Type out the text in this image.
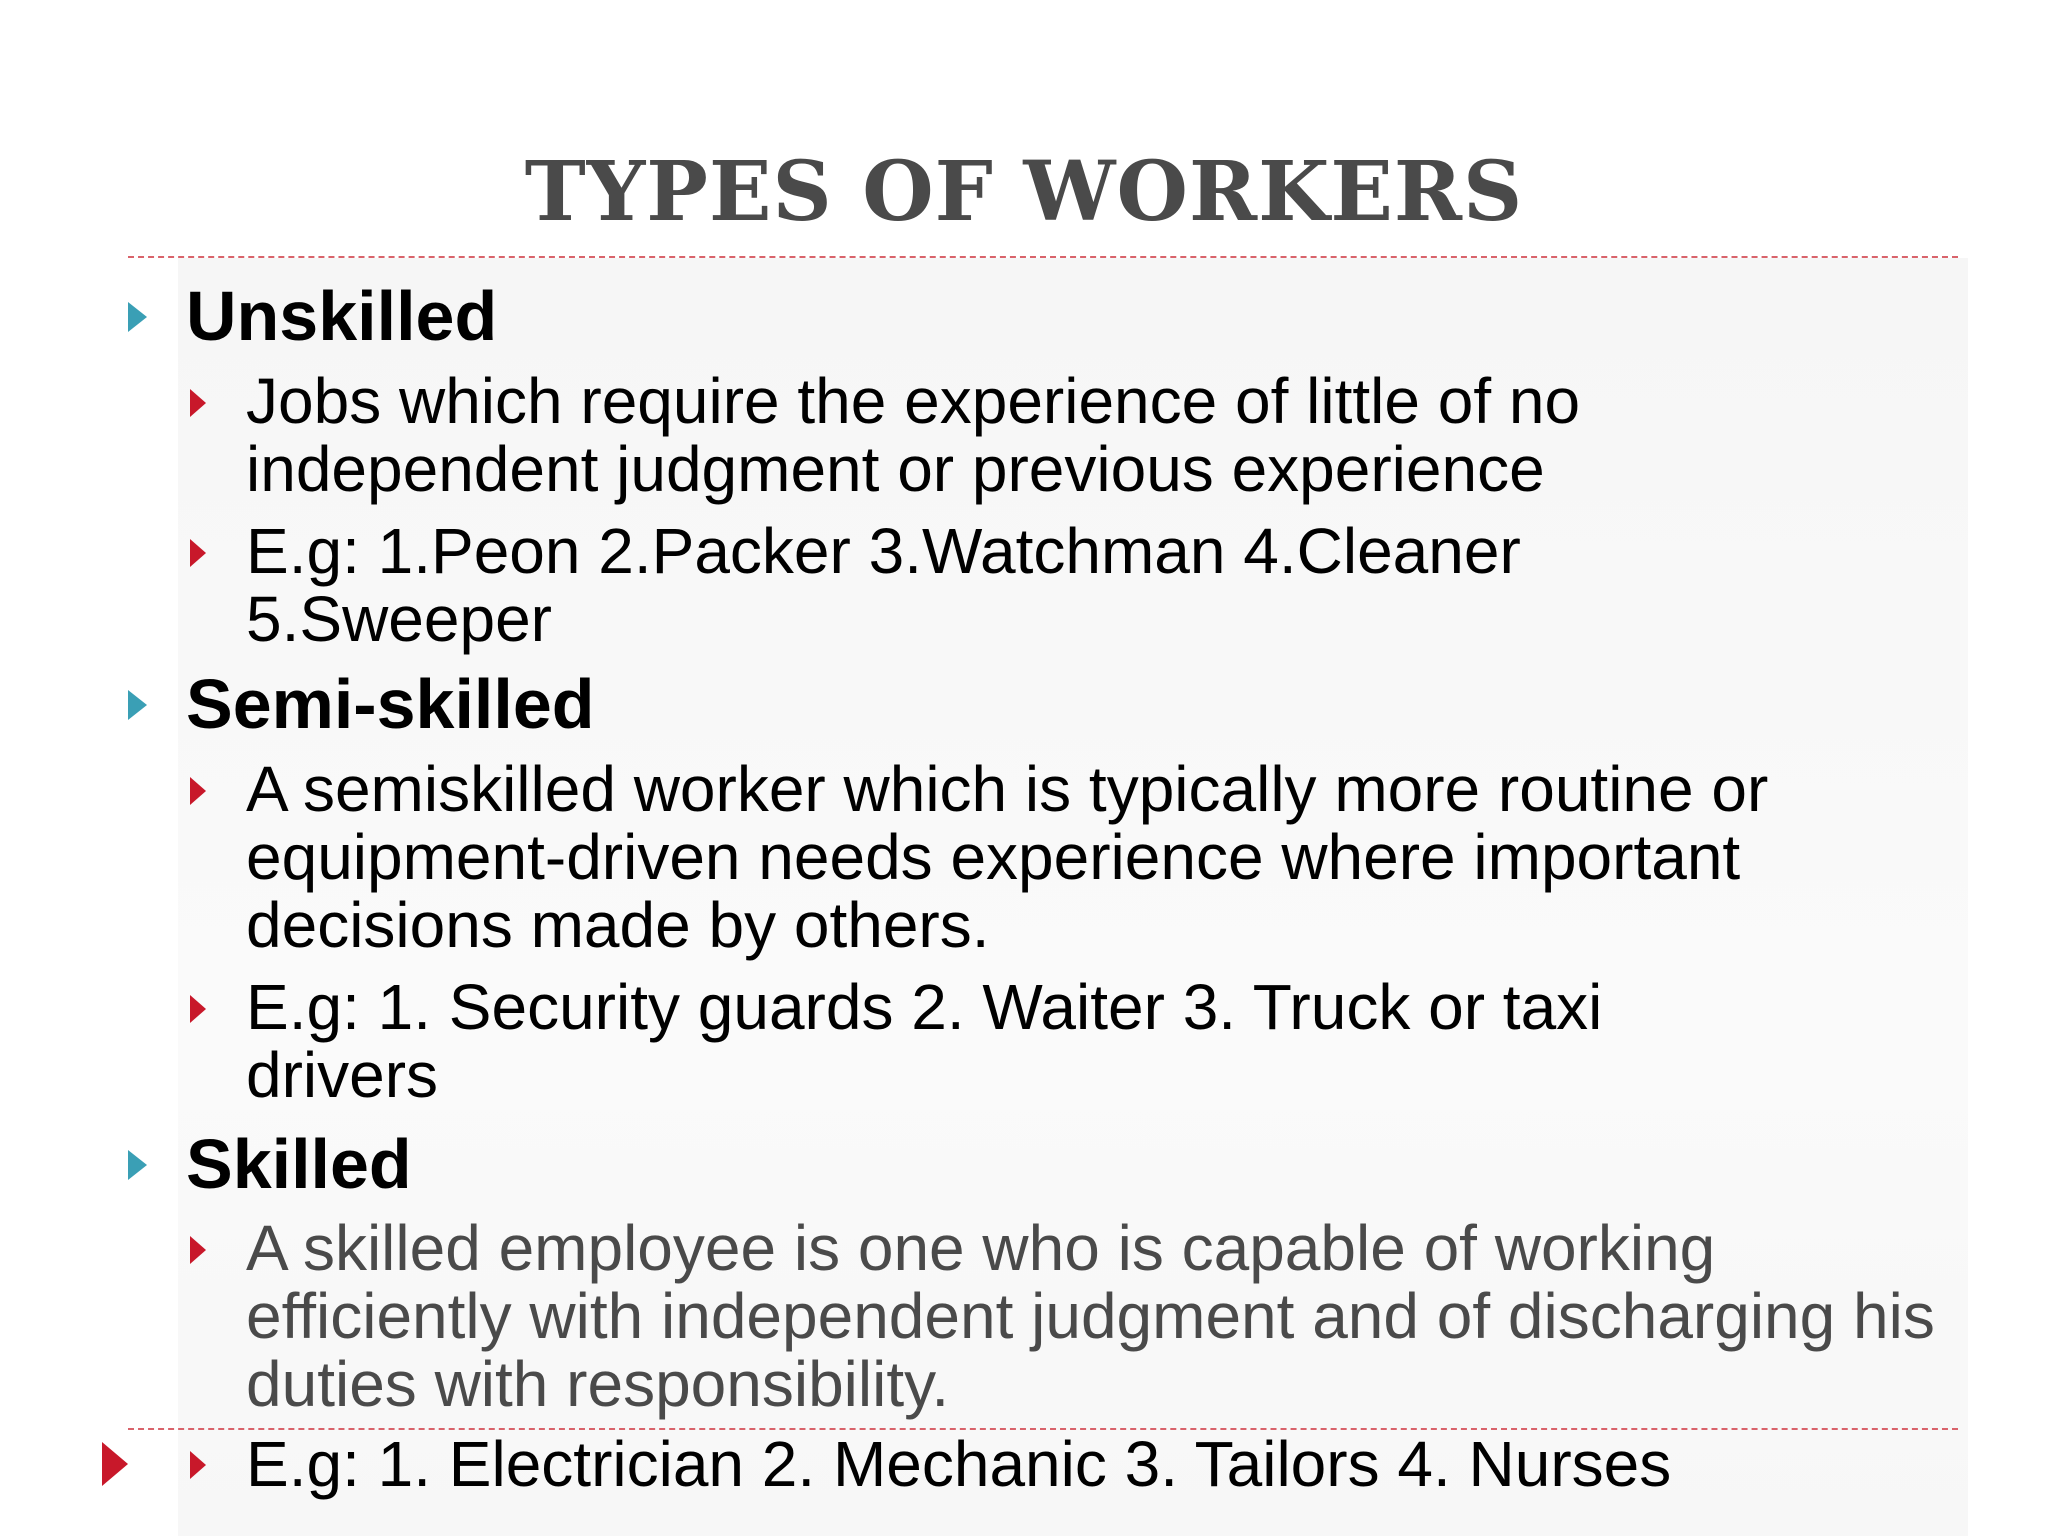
TYPES OF WORKERS

Unskilled

Jobs which require the experience of little of no independent judgment or previous experience

E.g: 1.Peon 2.Packer 3.Watchman 4.Cleaner 5.Sweeper

Semi-skilled

A semiskilled worker which is typically more routine or equipment-driven needs experience where important decisions made by others.

E.g: 1. Security guards 2. Waiter 3. Truck or taxi drivers

Skilled

A skilled employee is one who is capable of working efficiently with independent judgment and of discharging his duties with responsibility.

E.g: 1. Electrician 2. Mechanic 3. Tailors 4. Nurses
